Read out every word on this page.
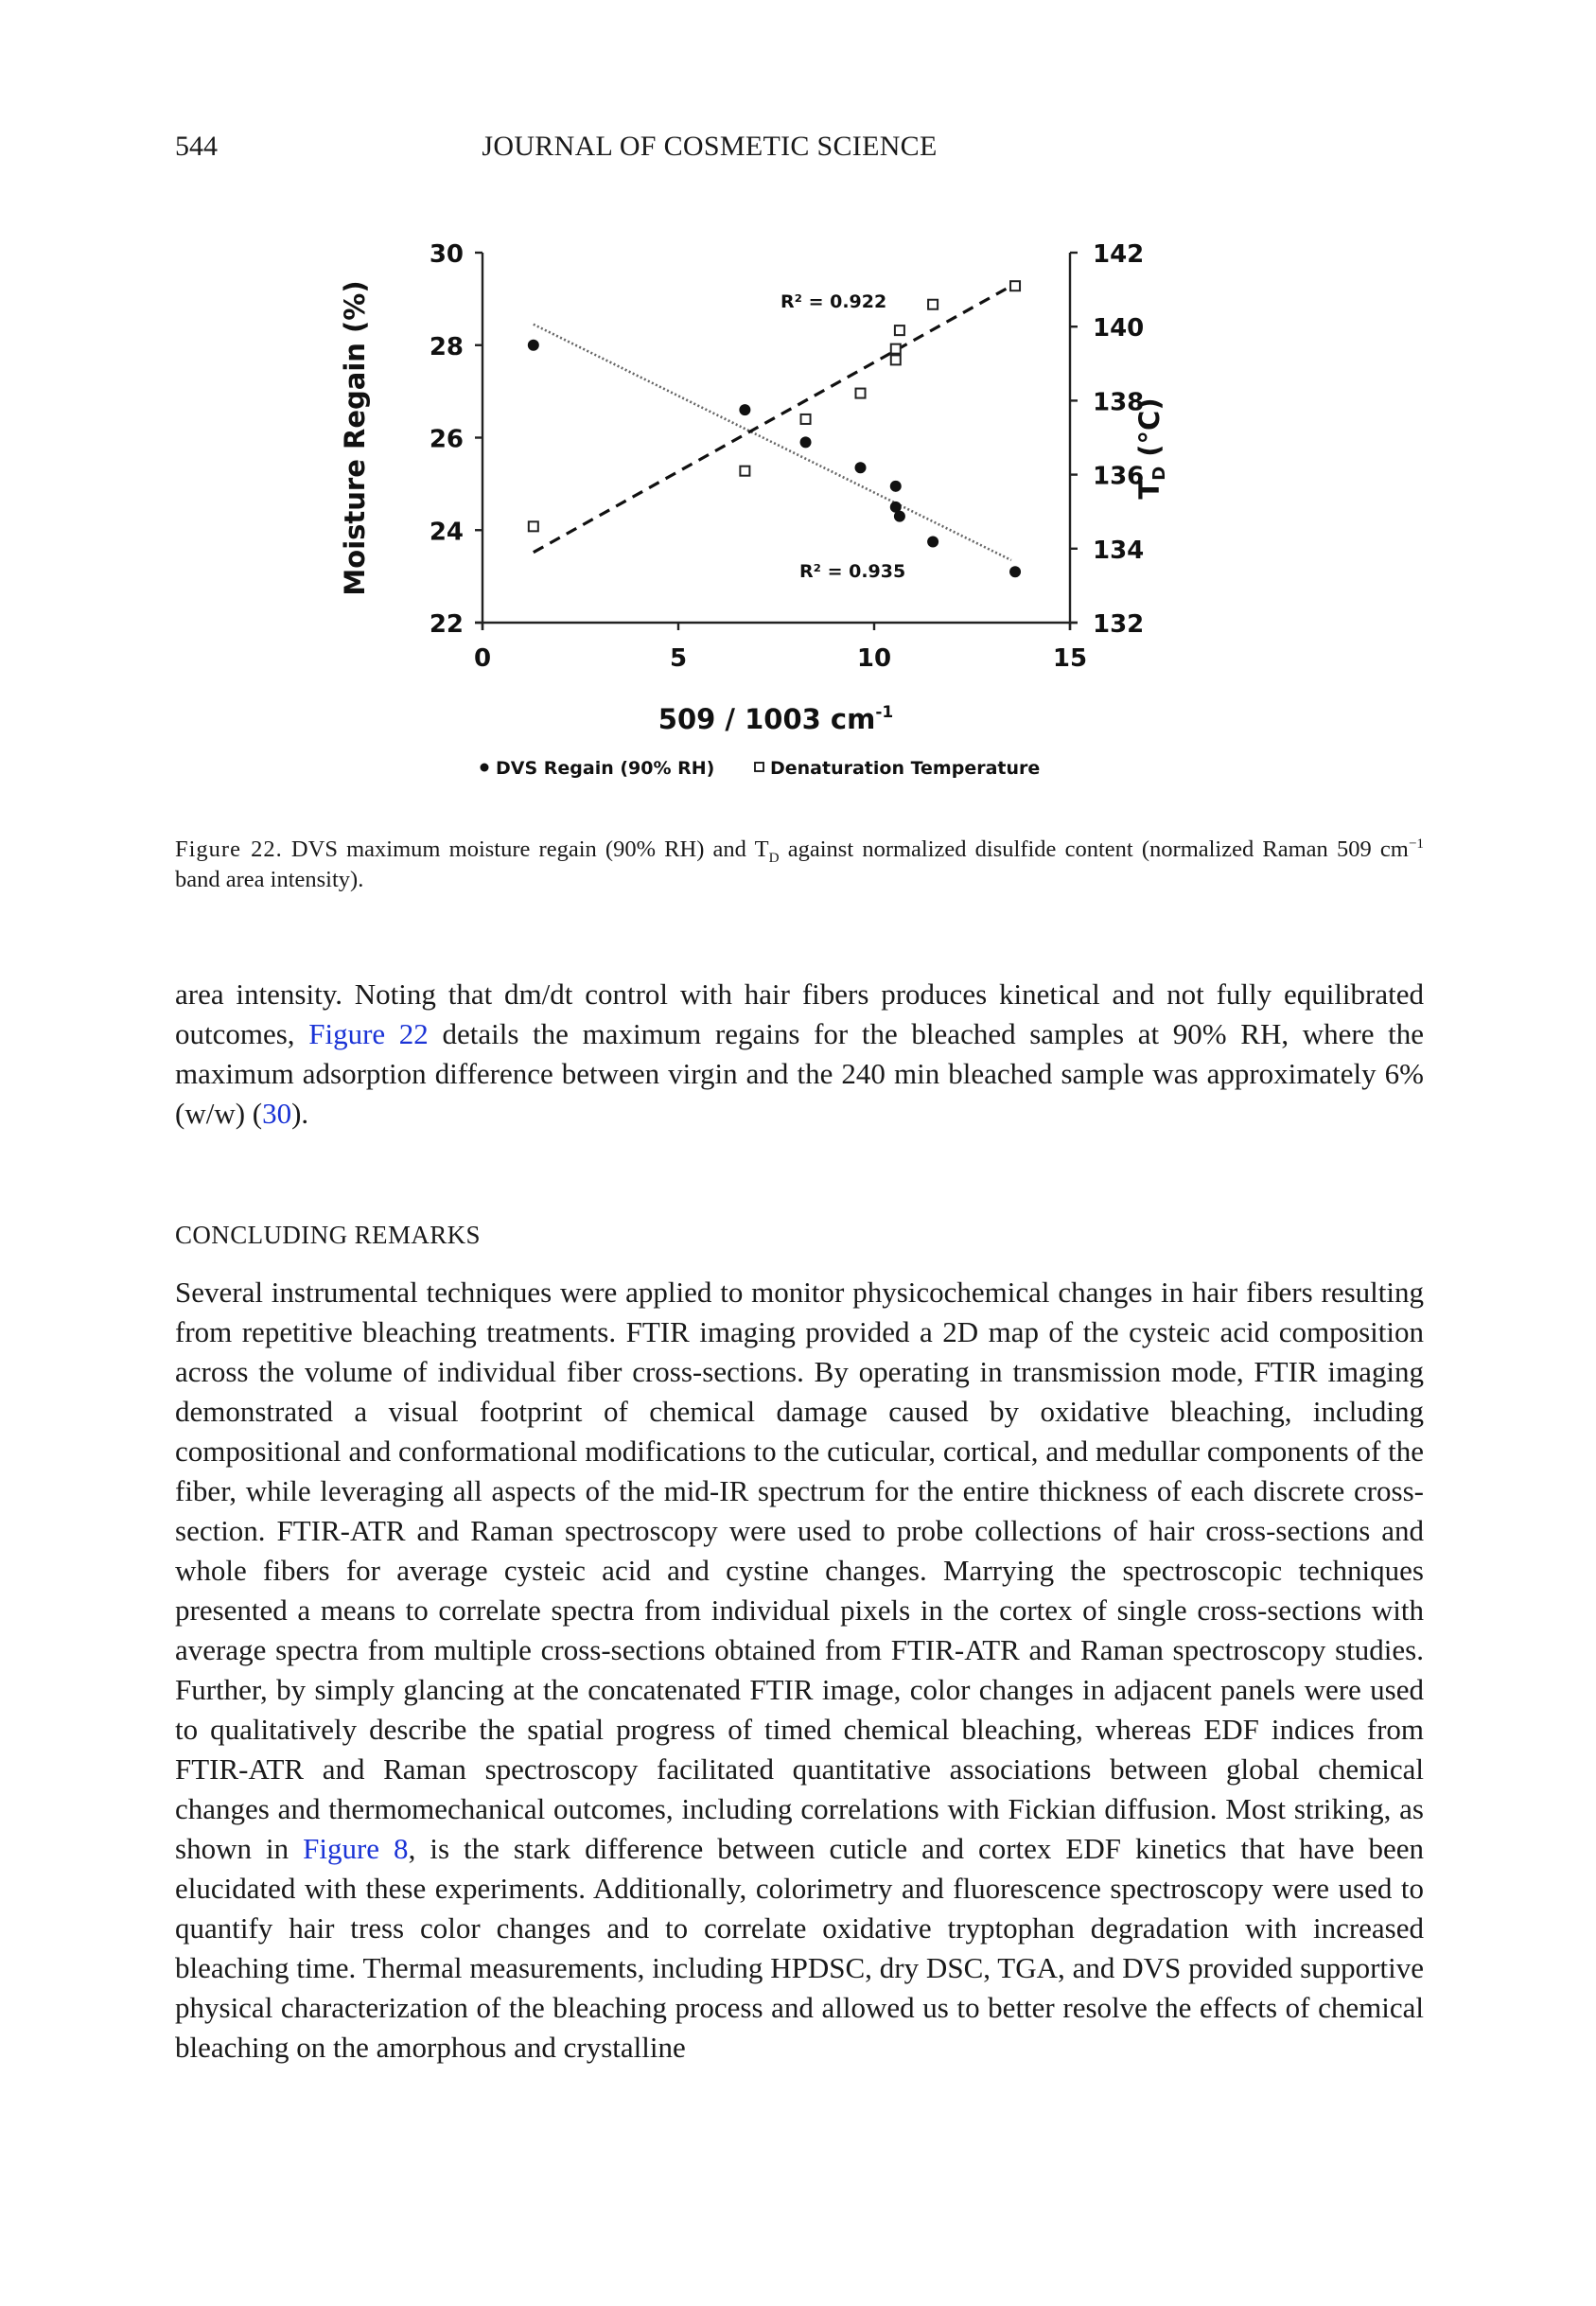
544	JOURNAL OF COSMETIC SCIENCE
22
24
26
28
30
132
134
136
138
140
142
0	5	10	15
Moisture Regain (%)	$T_D$ (°C)
509 / 1003 $cm^{-1}$
R² = 0.922
R² = 0.935
DVS Regain (90% RH)	Denaturation Temperature
Figure 22. DVS maximum moisture regain (90% RH) and $T_D$ against normalized disulfide content (normalized Raman 509 $cm^{-1}$ band area intensity).
area intensity. Noting that dm/dt control with hair fibers produces kinetical and not fully equilibrated outcomes, Figure 22 details the maximum regains for the bleached samples at 90% RH, where the maximum adsorption difference between virgin and the 240 min bleached sample was approximately 6% (w/w) (30).
CONCLUDING REMARKS
Several instrumental techniques were applied to monitor physicochemical changes in hair fibers resulting from repetitive bleaching treatments. FTIR imaging provided a 2D map of the cysteic acid composition across the volume of individual fiber cross-sections. By operating in transmission mode, FTIR imaging demonstrated a visual footprint of chemical damage caused by oxidative bleaching, including compositional and conformational modifications to the cuticular, cortical, and medullar components of the fiber, while leveraging all aspects of the mid-IR spectrum for the entire thickness of each discrete cross-section. FTIR-ATR and Raman spectroscopy were used to probe collections of hair cross-sections and whole fibers for average cysteic acid and cystine changes. Marrying the spectroscopic techniques presented a means to correlate spectra from individual pixels in the cortex of single cross-sections with average spectra from multiple cross-sections obtained from FTIR-ATR and Raman spectroscopy studies. Further, by simply glancing at the concatenated FTIR image, color changes in adjacent panels were used to qualitatively describe the spatial progress of timed chemical bleaching, whereas EDF indices from FTIR-ATR and Raman spectroscopy facilitated quantitative associations between global chemical changes and thermomechanical outcomes, including correlations with Fickian diffusion. Most striking, as shown in Figure 8, is the stark difference between cuticle and cortex EDF kinetics that have been elucidated with these experiments. Additionally, colorimetry and fluorescence spectroscopy were used to quantify hair tress color changes and to correlate oxidative tryptophan degradation with increased bleaching time. Thermal measurements, including HPDSC, dry DSC, TGA, and DVS provided supportive physical characterization of the bleaching process and allowed us to better resolve the effects of chemical bleaching on the amorphous and crystalline
